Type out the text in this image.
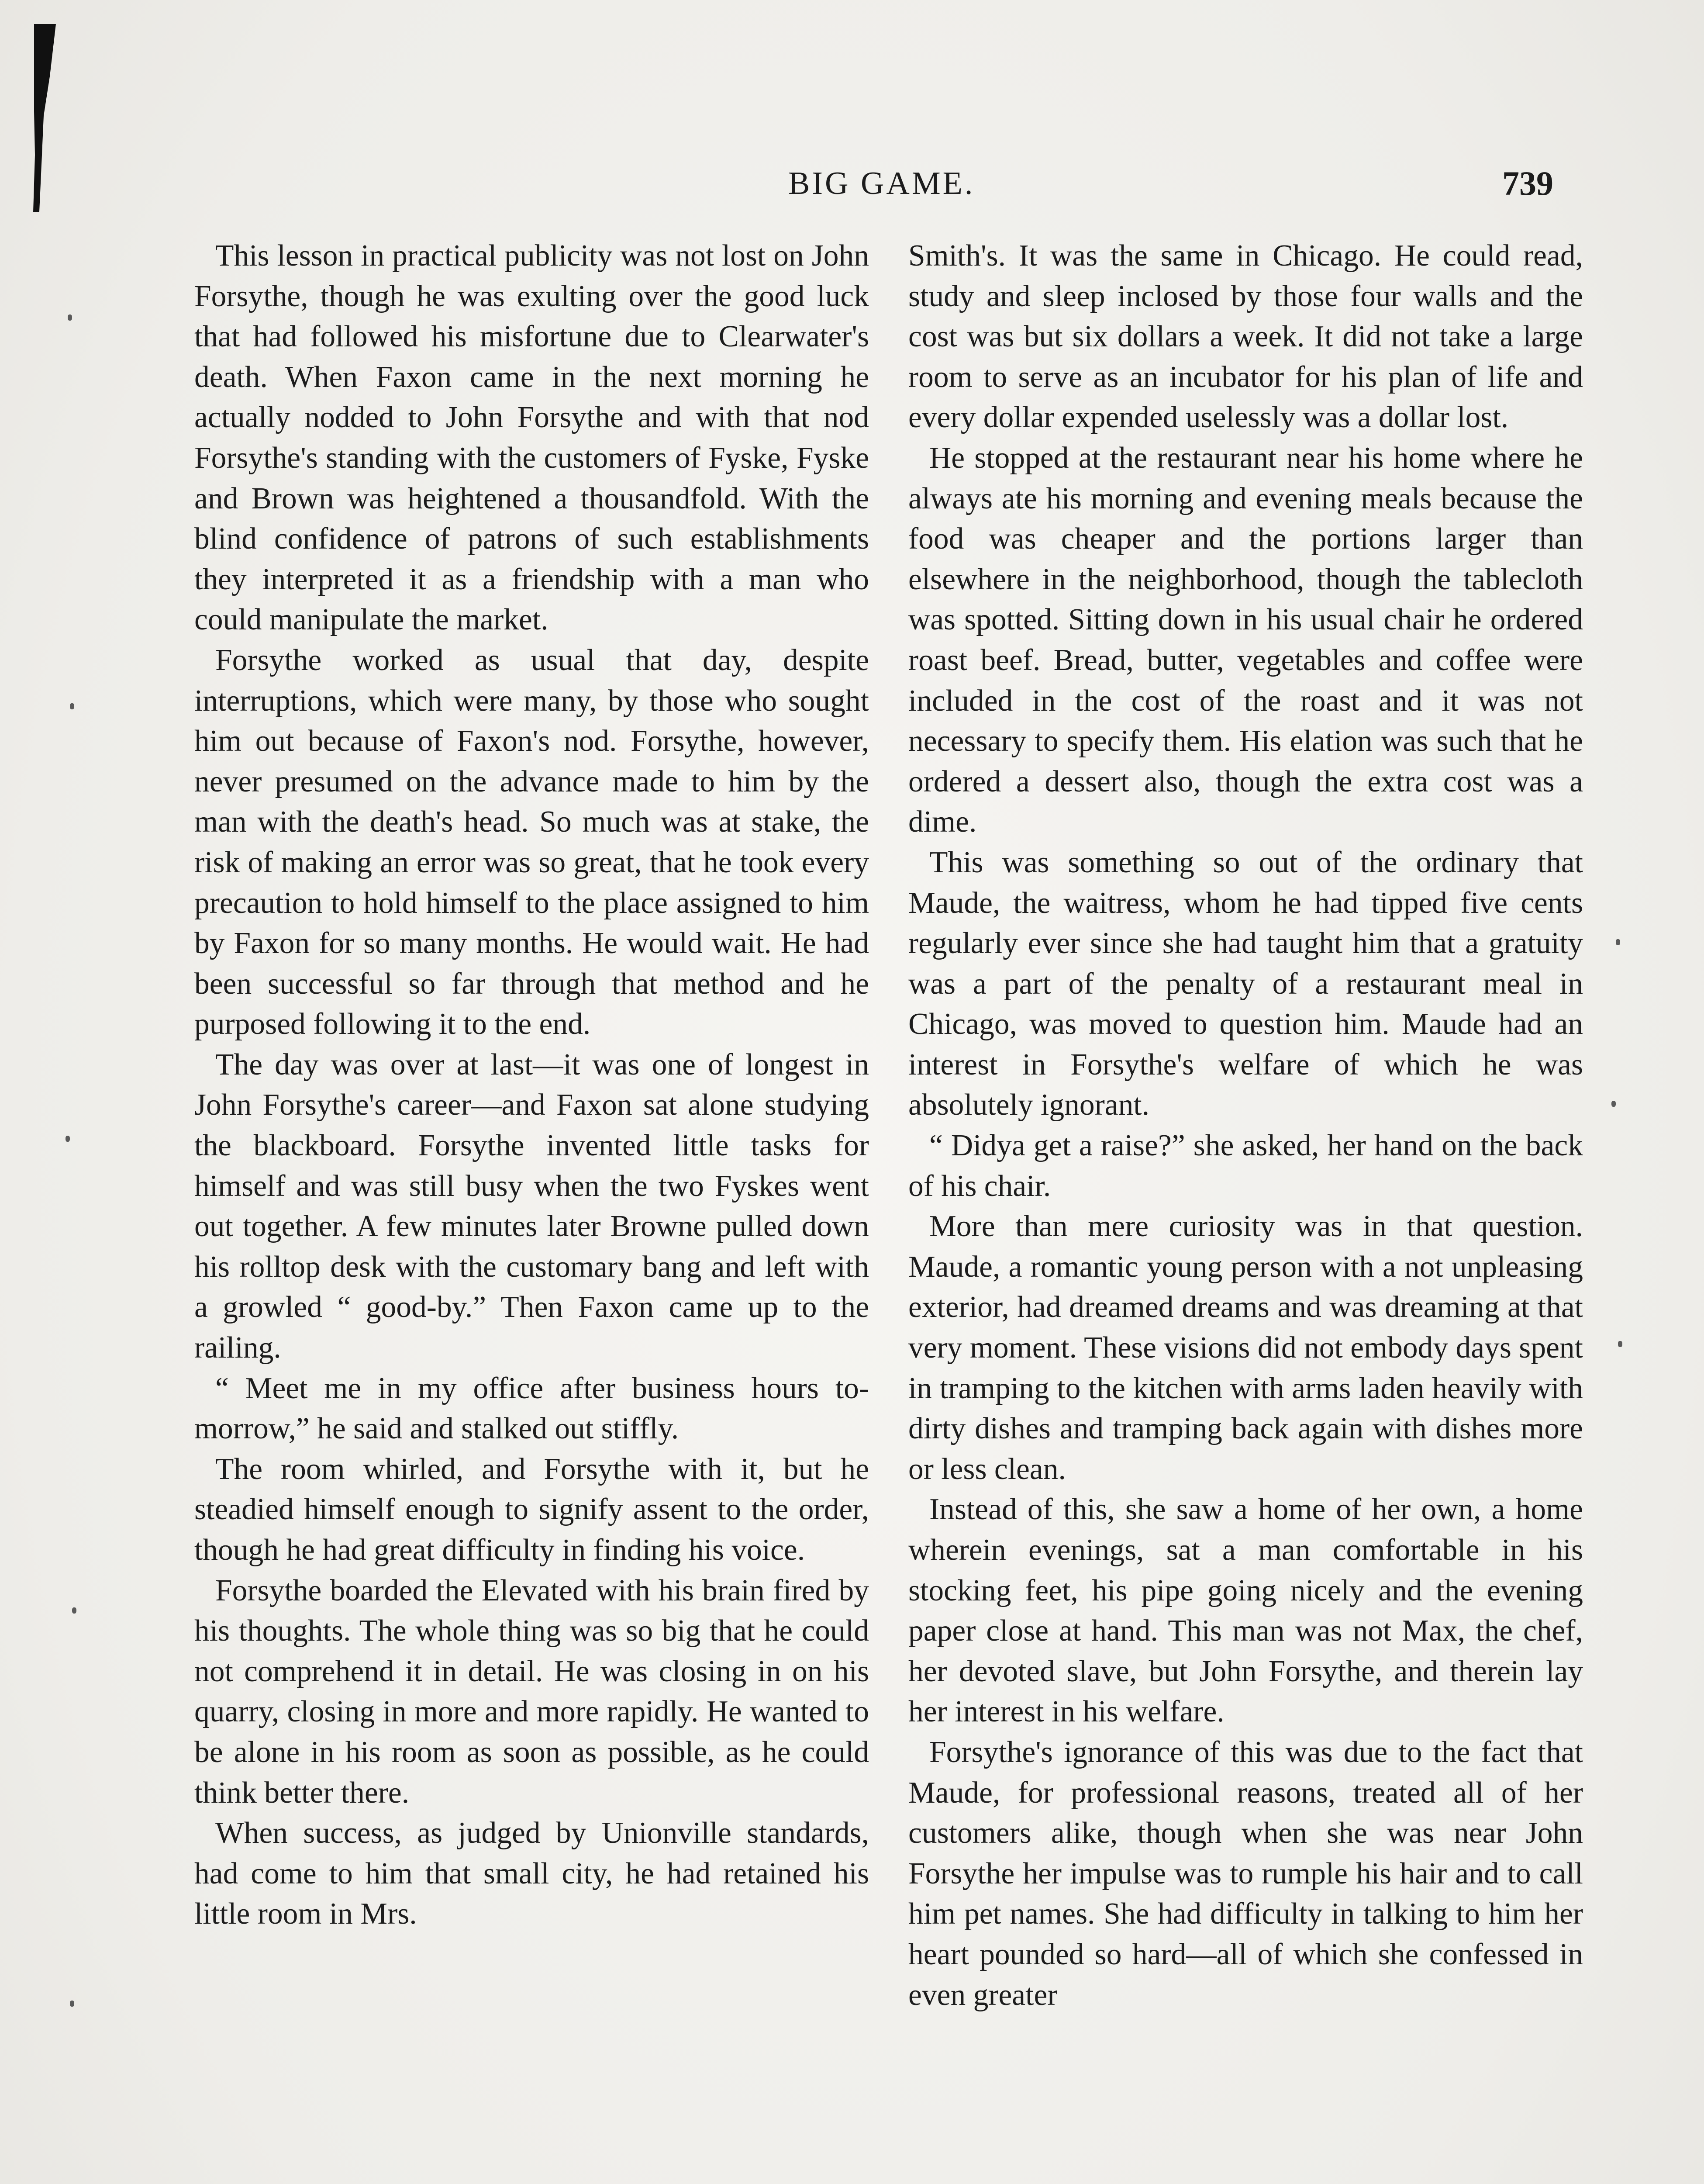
BIG GAME.	739

This lesson in practical publicity was not lost on John Forsythe, though he was exulting over the good luck that had followed his misfortune due to Clearwater's death. When Faxon came in the next morning he actually nodded to John Forsythe and with that nod Forsythe's standing with the customers of Fyske, Fyske and Brown was heightened a thousandfold. With the blind confidence of patrons of such establishments they interpreted it as a friendship with a man who could manipulate the market.

Forsythe worked as usual that day, despite interruptions, which were many, by those who sought him out because of Faxon's nod. Forsythe, however, never presumed on the advance made to him by the man with the death's head. So much was at stake, the risk of making an error was so great, that he took every precaution to hold himself to the place assigned to him by Faxon for so many months. He would wait. He had been successful so far through that method and he purposed following it to the end.

The day was over at last—it was one of longest in John Forsythe's career—and Faxon sat alone studying the blackboard. Forsythe invented little tasks for himself and was still busy when the two Fyskes went out together. A few minutes later Browne pulled down his rolltop desk with the customary bang and left with a growled “ good-by.” Then Faxon came up to the railing.

“ Meet me in my office after business hours to-morrow,” he said and stalked out stiffly.

The room whirled, and Forsythe with it, but he steadied himself enough to signify assent to the order, though he had great difficulty in finding his voice.

Forsythe boarded the Elevated with his brain fired by his thoughts. The whole thing was so big that he could not comprehend it in detail. He was closing in on his quarry, closing in more and more rapidly. He wanted to be alone in his room as soon as possible, as he could think better there.

When success, as judged by Unionville standards, had come to him that small city, he had retained his little room in Mrs.

Smith's. It was the same in Chicago. He could read, study and sleep inclosed by those four walls and the cost was but six dollars a week. It did not take a large room to serve as an incubator for his plan of life and every dollar expended uselessly was a dollar lost.

He stopped at the restaurant near his home where he always ate his morning and evening meals because the food was cheaper and the portions larger than elsewhere in the neighborhood, though the tablecloth was spotted. Sitting down in his usual chair he ordered roast beef. Bread, butter, vegetables and coffee were included in the cost of the roast and it was not necessary to specify them. His elation was such that he ordered a dessert also, though the extra cost was a dime.

This was something so out of the ordinary that Maude, the waitress, whom he had tipped five cents regularly ever since she had taught him that a gratuity was a part of the penalty of a restaurant meal in Chicago, was moved to question him. Maude had an interest in Forsythe's welfare of which he was absolutely ignorant.

“ Didya get a raise?” she asked, her hand on the back of his chair.

More than mere curiosity was in that question. Maude, a romantic young person with a not unpleasing exterior, had dreamed dreams and was dreaming at that very moment. These visions did not embody days spent in tramping to the kitchen with arms laden heavily with dirty dishes and tramping back again with dishes more or less clean.

Instead of this, she saw a home of her own, a home wherein evenings, sat a man comfortable in his stocking feet, his pipe going nicely and the evening paper close at hand. This man was not Max, the chef, her devoted slave, but John Forsythe, and therein lay her interest in his welfare.

Forsythe's ignorance of this was due to the fact that Maude, for professional reasons, treated all of her customers alike, though when she was near John Forsythe her impulse was to rumple his hair and to call him pet names. She had difficulty in talking to him her heart pounded so hard—all of which she confessed in even greater
